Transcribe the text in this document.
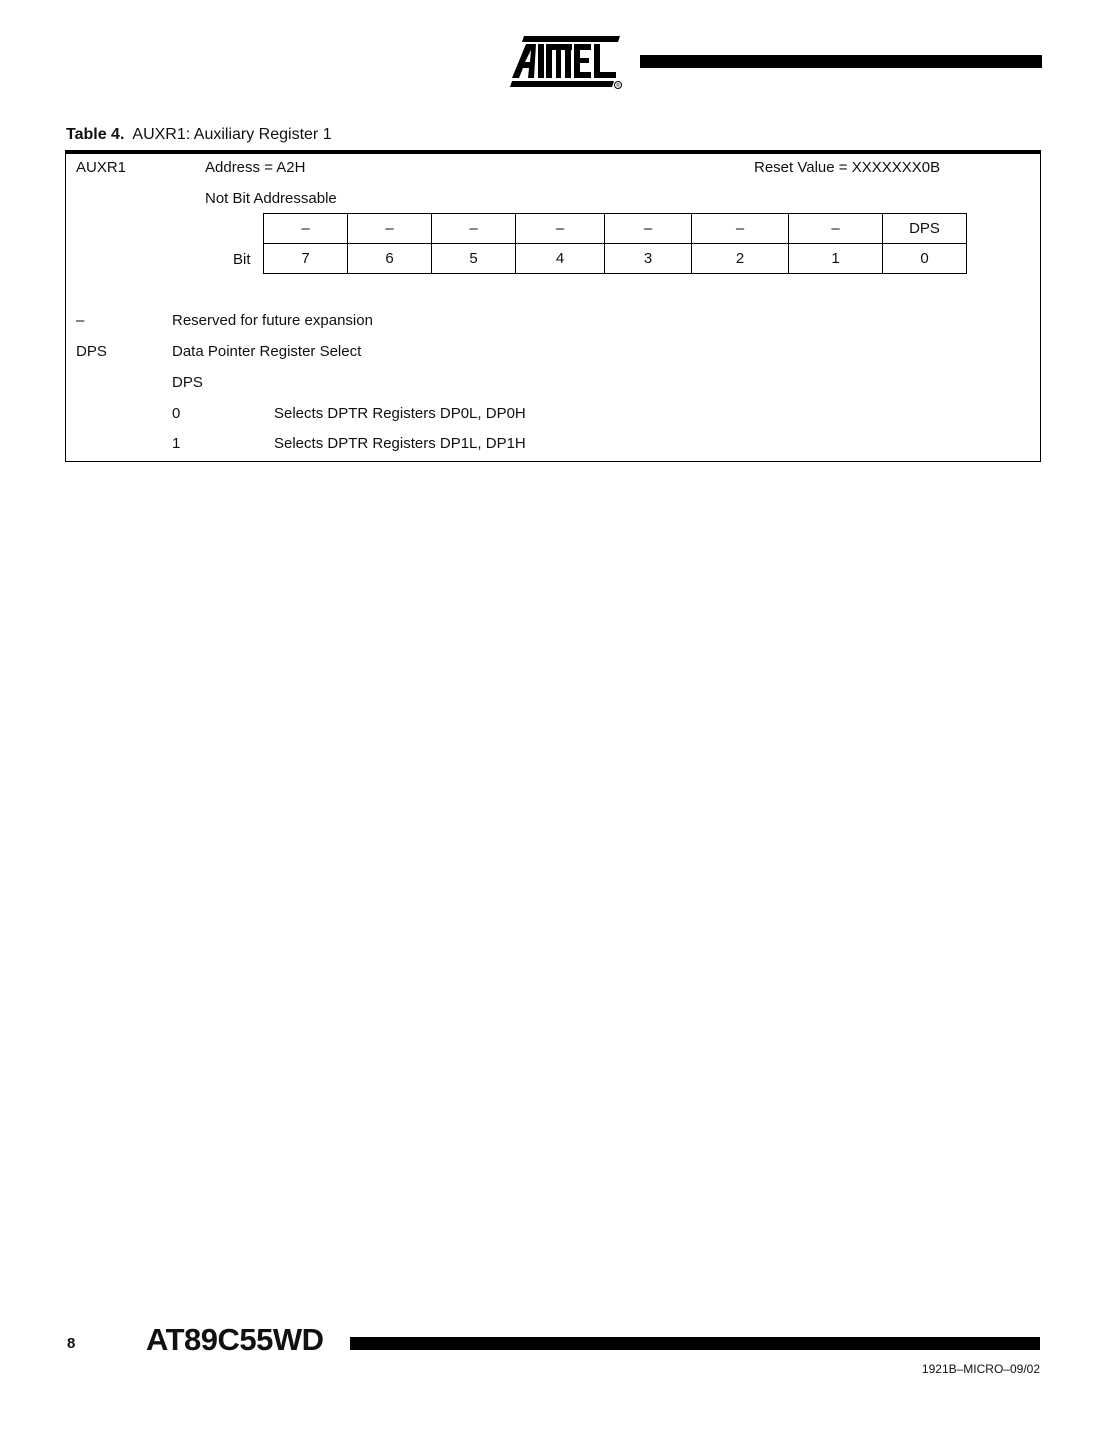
®
Table 4. AUXR1: Auxiliary Register 1
AUXR1	Address = A2H	Reset Value = XXXXXXX0B
Not Bit Addressable
Bit
–	–	–	–	–	–	–	DPS
7	6	5	4	3	2	1	0
–	Reserved for future expansion
DPS	Data Pointer Register Select
DPS
0	Selects DPTR Registers DP0L, DP0H
1	Selects DPTR Registers DP1L, DP1H
8 AT89C55WD
1921B–MICRO–09/02
